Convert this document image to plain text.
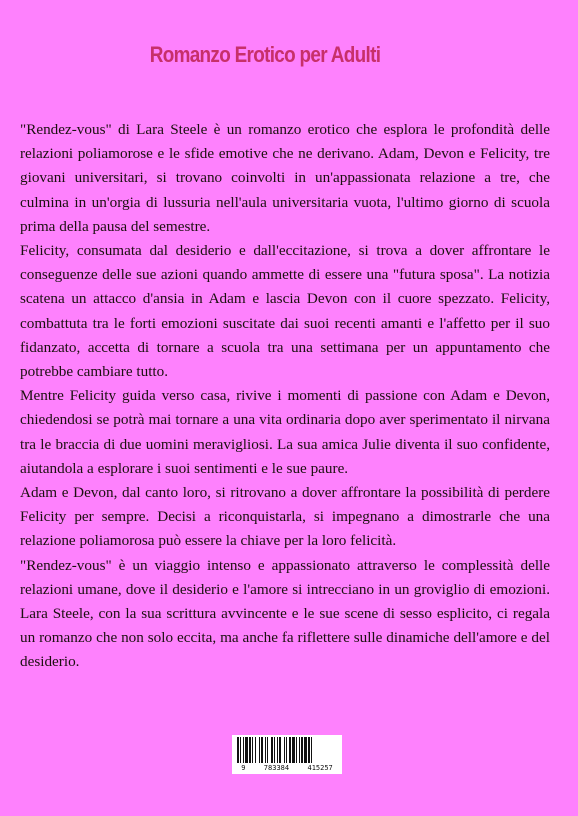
Romanzo Erotico per Adulti

"Rendez-vous" di Lara Steele è un romanzo erotico che esplora le profondità delle relazioni poliamorose e le sfide emotive che ne derivano. Adam, Devon e Felicity, tre giovani universitari, si trovano coinvolti in un'appassionata relazione a tre, che culmina in un'orgia di lussuria nell'aula universitaria vuota, l'ultimo giorno di scuola prima della pausa del semestre.

Felicity, consumata dal desiderio e dall'eccitazione, si trova a dover affrontare le conseguenze delle sue azioni quando ammette di essere una "futura sposa". La notizia scatena un attacco d'ansia in Adam e lascia Devon con il cuore spezzato. Felicity, combattuta tra le forti emozioni suscitate dai suoi recenti amanti e l'affetto per il suo fidanzato, accetta di tornare a scuola tra una settimana per un appuntamento che potrebbe cambiare tutto.

Mentre Felicity guida verso casa, rivive i momenti di passione con Adam e Devon, chiedendosi se potrà mai tornare a una vita ordinaria dopo aver sperimentato il nirvana tra le braccia di due uomini meravigliosi. La sua amica Julie diventa il suo confidente, aiutandola a esplorare i suoi sentimenti e le sue paure.

Adam e Devon, dal canto loro, si ritrovano a dover affrontare la possibilità di perdere Felicity per sempre. Decisi a riconquistarla, si impegnano a dimostrarle che una relazione poliamorosa può essere la chiave per la loro felicità.

"Rendez-vous" è un viaggio intenso e appassionato attraverso le complessità delle relazioni umane, dove il desiderio e l'amore si intrecciano in un groviglio di emozioni. Lara Steele, con la sua scrittura avvincente e le sue scene di sesso esplicito, ci regala un romanzo che non solo eccita, ma anche fa riflettere sulle dinamiche dell'amore e del desiderio.

9	783384	415257
